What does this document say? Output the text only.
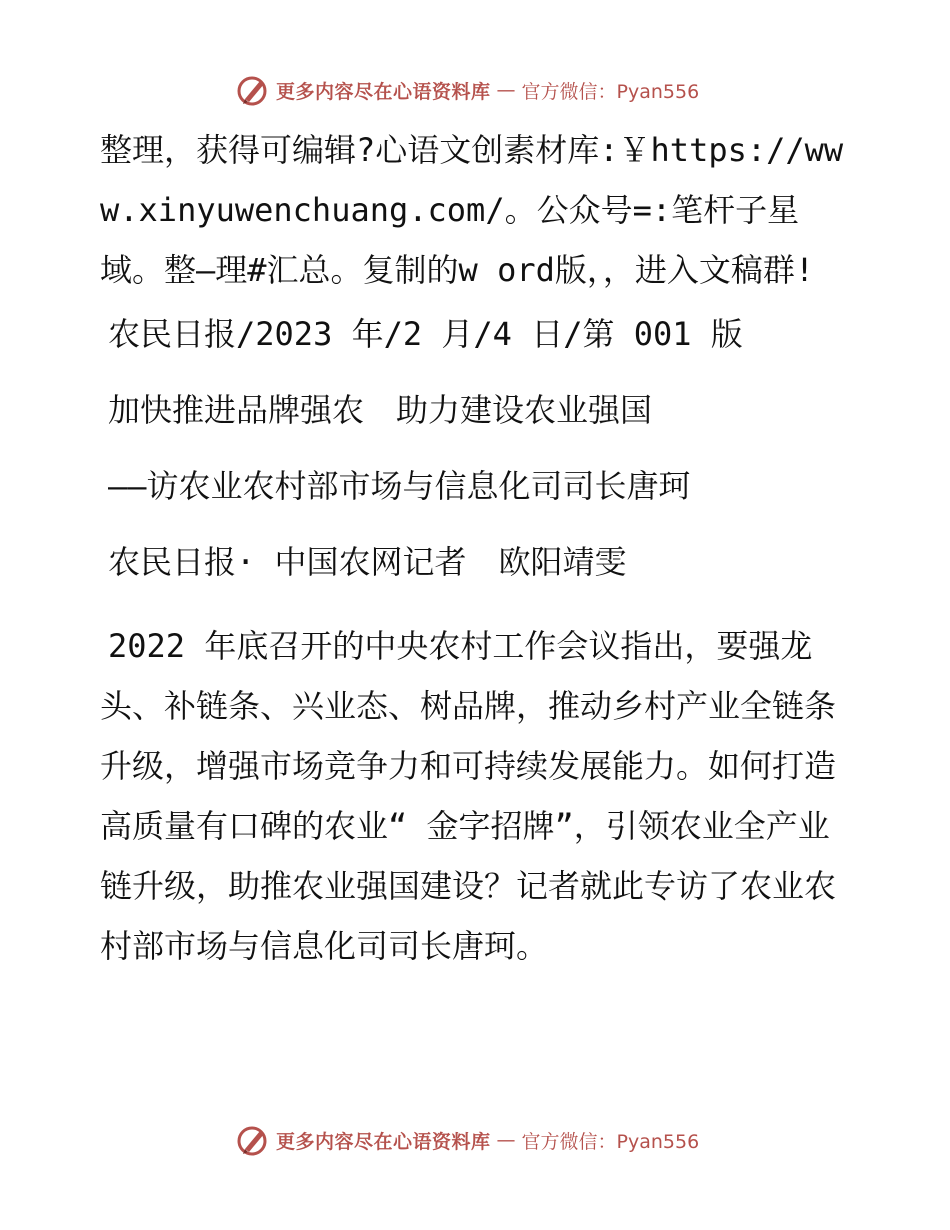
更多内容尽在心语资料库 — 官方微信：Pyan556

整理，获得可编辑?心语文创素材库:￥https://www.xinyuwenchuang.com/。公众号=:笔杆子星域。整—理#汇总。复制的w ord版，，进入文稿群!

农民日报/2023 年/2 月/4 日/第 001 版

加快推进品牌强农　助力建设农业强国

——访农业农村部市场与信息化司司长唐珂

农民日报· 中国农网记者　欧阳靖雯

2022 年底召开的中央农村工作会议指出，要强龙头、补链条、兴业态、树品牌，推动乡村产业全链条升级，增强市场竞争力和可持续发展能力。如何打造高质量有口碑的农业“ 金字招牌”，引领农业全产业链升级，助推农业强国建设？记者就此专访了农业农村部市场与信息化司司长唐珂。

更多内容尽在心语资料库 — 官方微信：Pyan556
